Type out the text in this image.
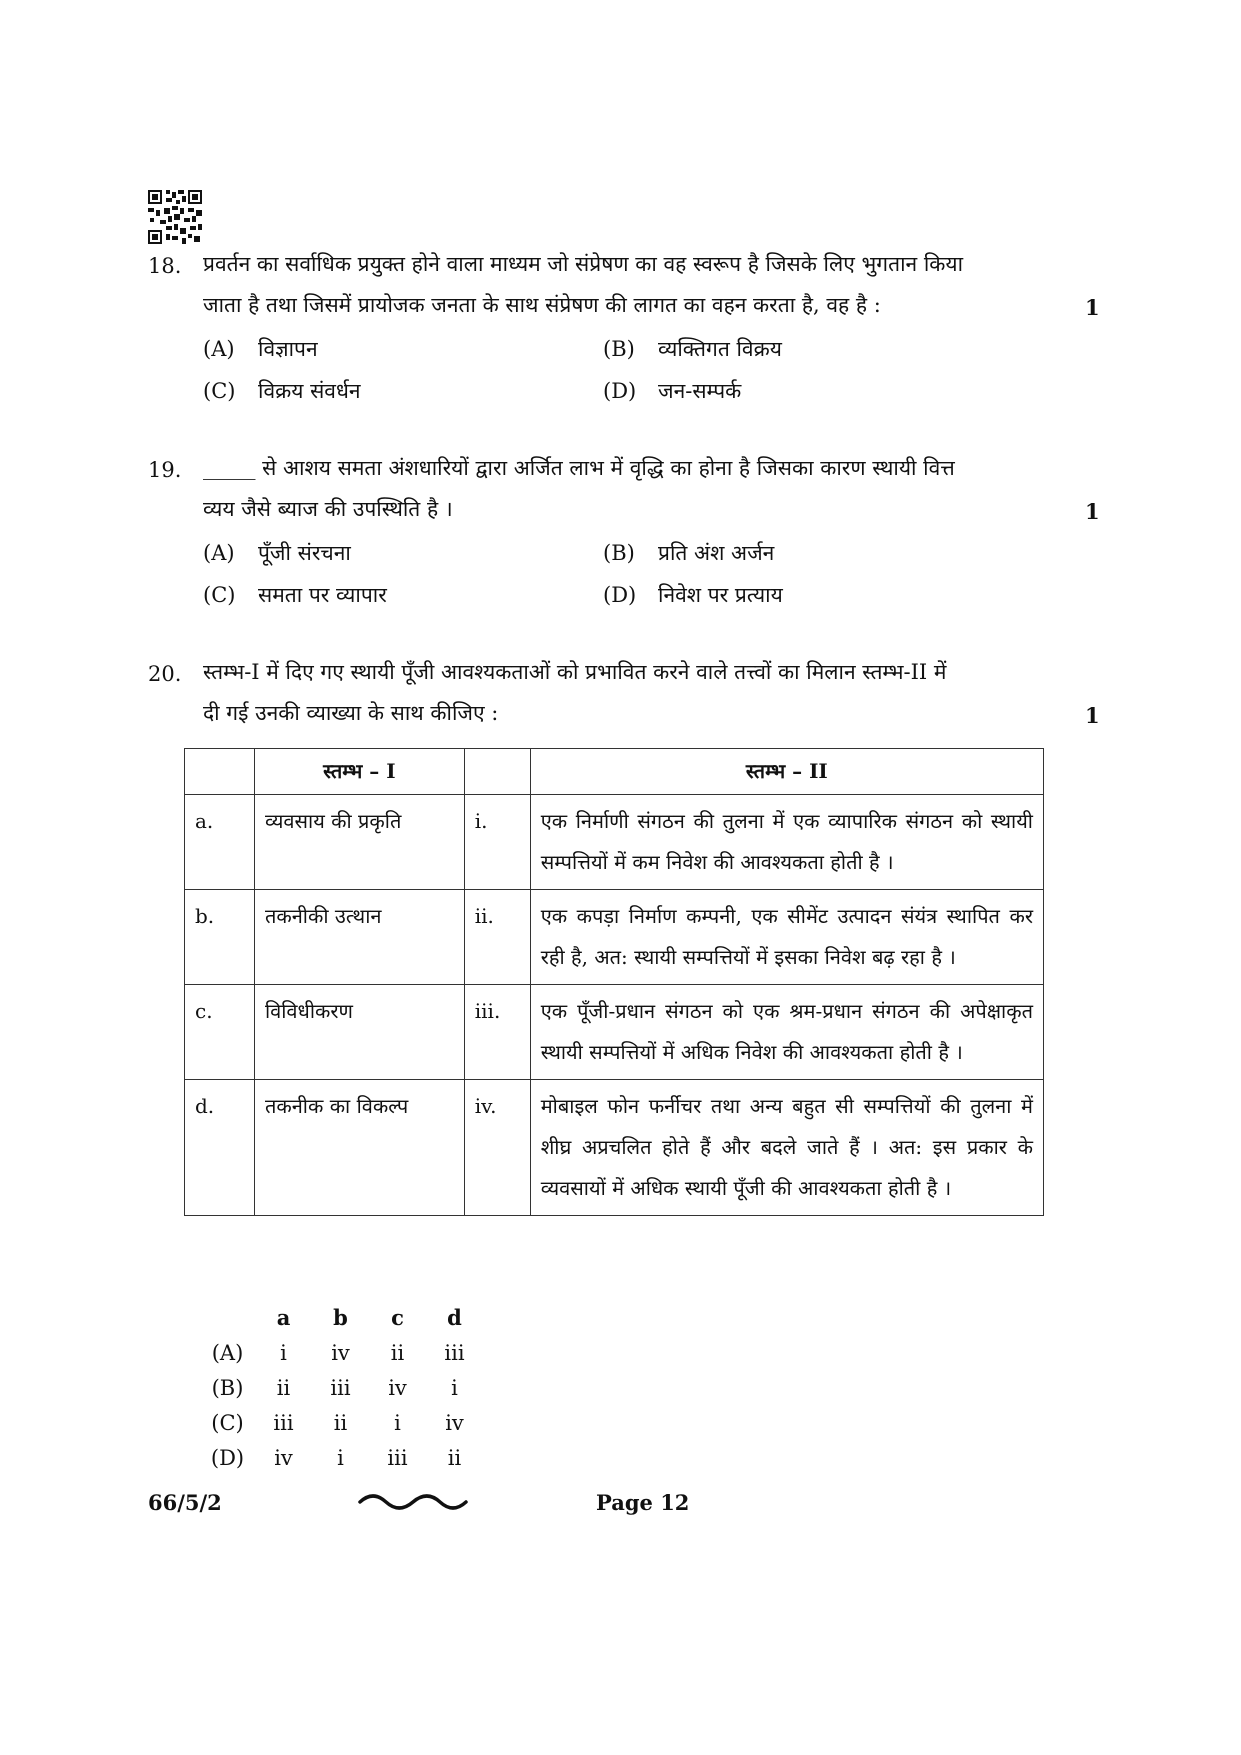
18. प्रवर्तन का सर्वाधिक प्रयुक्त होने वाला माध्यम जो संप्रेषण का वह स्वरूप है जिसके लिए भुगतान किया
जाता है तथा जिसमें प्रायोजक जनता के साथ संप्रेषण की लागत का वहन करता है, वह है :	1
(A) विज्ञापन	(B) व्यक्तिगत विक्रय
(C) विक्रय संवर्धन	(D) जन-सम्पर्क
19. _____ से आशय समता अंशधारियों द्वारा अर्जित लाभ में वृद्धि का होना है जिसका कारण स्थायी वित्त
व्यय जैसे ब्याज की उपस्थिति है ।	1
(A) पूँजी संरचना	(B) प्रति अंश अर्जन
(C) समता पर व्यापार	(D) निवेश पर प्रत्याय
20. स्तम्भ-I में दिए गए स्थायी पूँजी आवश्यकताओं को प्रभावित करने वाले तत्त्वों का मिलान स्तम्भ-II में
दी गई उनकी व्याख्या के साथ कीजिए :	1
	स्तम्भ – I		स्तम्भ – II
a.	व्यवसाय की प्रकृति	i.	एक निर्माणी संगठन की तुलना में एक व्यापारिक संगठन को स्थायी सम्पत्तियों में कम निवेश की आवश्यकता होती है ।
b.	तकनीकी उत्थान	ii.	एक कपड़ा निर्माण कम्पनी, एक सीमेंट उत्पादन संयंत्र स्थापित कर रही है, अत: स्थायी सम्पत्तियों में इसका निवेश बढ़ रहा है ।
c.	विविधीकरण	iii.	एक पूँजी-प्रधान संगठन को एक श्रम-प्रधान संगठन की अपेक्षाकृत स्थायी सम्पत्तियों में अधिक निवेश की आवश्यकता होती है ।
d.	तकनीक का विकल्प	iv.	मोबाइल फोन फर्नीचर तथा अन्य बहुत सी सम्पत्तियों की तुलना में शीघ्र अप्रचलित होते हैं और बदले जाते हैं । अत: इस प्रकार के व्यवसायों में अधिक स्थायी पूँजी की आवश्यकता होती है ।
	a	b	c	d
(A)	i	iv	ii	iii
(B)	ii	iii	iv	i
(C)	iii	ii	i	iv
(D)	iv	i	iii	ii
66/5/2	Page 12
